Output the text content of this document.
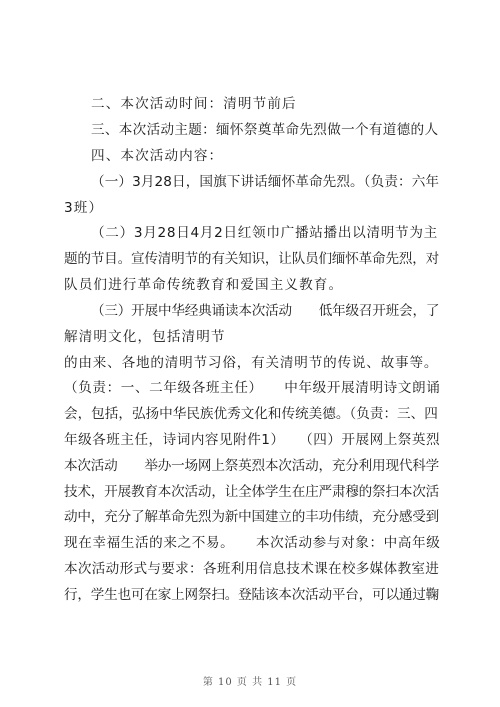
二、本次活动时间：清明节前后
三、本次活动主题：缅怀祭奠革命先烈做一个有道德的人
四、本次活动内容：
（一）3月28日，国旗下讲话缅怀革命先烈。（负责：六年
3班）
（二）3月28日4月2日红领巾广播站播出以清明节为主
题的节目。宣传清明节的有关知识，让队员们缅怀革命先烈，对
队员们进行革命传统教育和爱国主义教育。
（三）开展中华经典诵读本次活动　　低年级召开班会，了
解清明文化，包括清明节
的由来、各地的清明节习俗，有关清明节的传说、故事等。
（负责：一、二年级各班主任）　　中年级开展清明诗文朗诵
会，包括，弘扬中华民族优秀文化和传统美德。（负责：三、四
年级各班主任，诗词内容见附件1）　　（四）开展网上祭英烈
本次活动　　举办一场网上祭英烈本次活动，充分利用现代科学
技术，开展教育本次活动，让全体学生在庄严肃穆的祭扫本次活
动中，充分了解革命先烈为新中国建立的丰功伟绩，充分感受到
现在幸福生活的来之不易。　　本次活动参与对象：中高年级
本次活动形式与要求：各班利用信息技术课在校多媒体教室进
行，学生也可在家上网祭扫。登陆该本次活动平台，可以通过鞠
第 10 页 共 11 页
